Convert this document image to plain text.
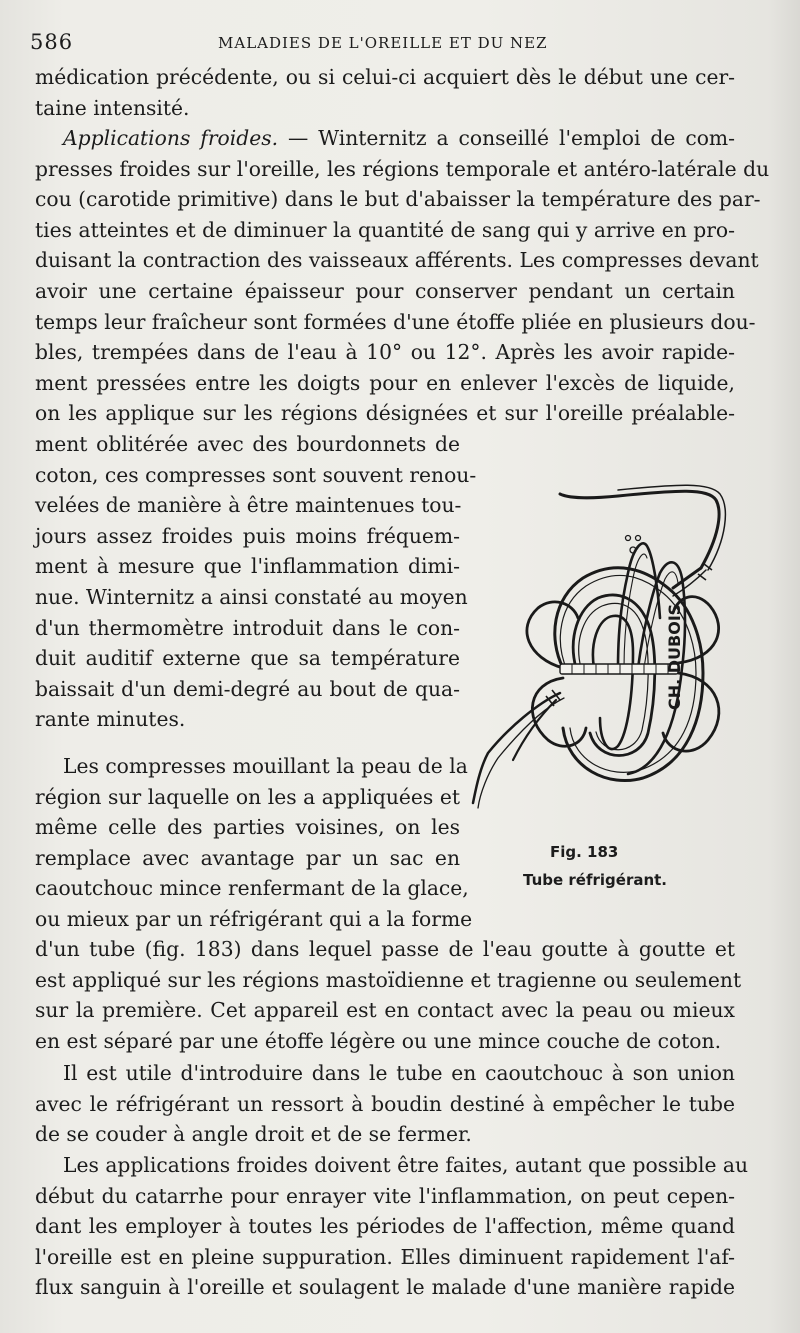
586	MALADIES DE L'OREILLE ET DU NEZ
médication précédente, ou si celui-ci acquiert dès le début une cer-
taine intensité.
Applications froides. — Winternitz a conseillé l'emploi de com-
presses froides sur l'oreille, les régions temporale et antéro-latérale du
cou (carotide primitive) dans le but d'abaisser la température des par-
ties atteintes et de diminuer la quantité de sang qui y arrive en pro-
duisant la contraction des vaisseaux afférents. Les compresses devant
avoir une certaine épaisseur pour conserver pendant un certain
temps leur fraîcheur sont formées d'une étoffe pliée en plusieurs dou-
bles, trempées dans de l'eau à 10° ou 12°. Après les avoir rapide-
ment pressées entre les doigts pour en enlever l'excès de liquide,
on les applique sur les régions désignées et sur l'oreille préalable-
ment oblitérée avec des bourdonnets de
coton, ces compresses sont souvent renou-
velées de manière à être maintenues tou-
jours assez froides puis moins fréquem-
ment à mesure que l'inflammation dimi-
nue. Winternitz a ainsi constaté au moyen
d'un thermomètre introduit dans le con-
duit auditif externe que sa température
baissait d'un demi-degré au bout de qua-
rante minutes.
Les compresses mouillant la peau de la
région sur laquelle on les a appliquées et
même celle des parties voisines, on les
remplace avec avantage par un sac en
caoutchouc mince renfermant de la glace,
ou mieux par un réfrigérant qui a la forme
d'un tube (fig. 183) dans lequel passe de l'eau goutte à goutte et
est appliqué sur les régions mastoïdienne et tragienne ou seulement
sur la première. Cet appareil est en contact avec la peau ou mieux
en est séparé par une étoffe légère ou une mince couche de coton.
Il est utile d'introduire dans le tube en caoutchouc à son union
avec le réfrigérant un ressort à boudin destiné à empêcher le tube
de se couder à angle droit et de se fermer.
Les applications froides doivent être faites, autant que possible au
début du catarrhe pour enrayer vite l'inflammation, on peut cepen-
dant les employer à toutes les périodes de l'affection, même quand
l'oreille est en pleine suppuration. Elles diminuent rapidement l'af-
flux sanguin à l'oreille et soulagent le malade d'une manière rapide
CH. DUBOIS
Fig. 183
Tube réfrigérant.
